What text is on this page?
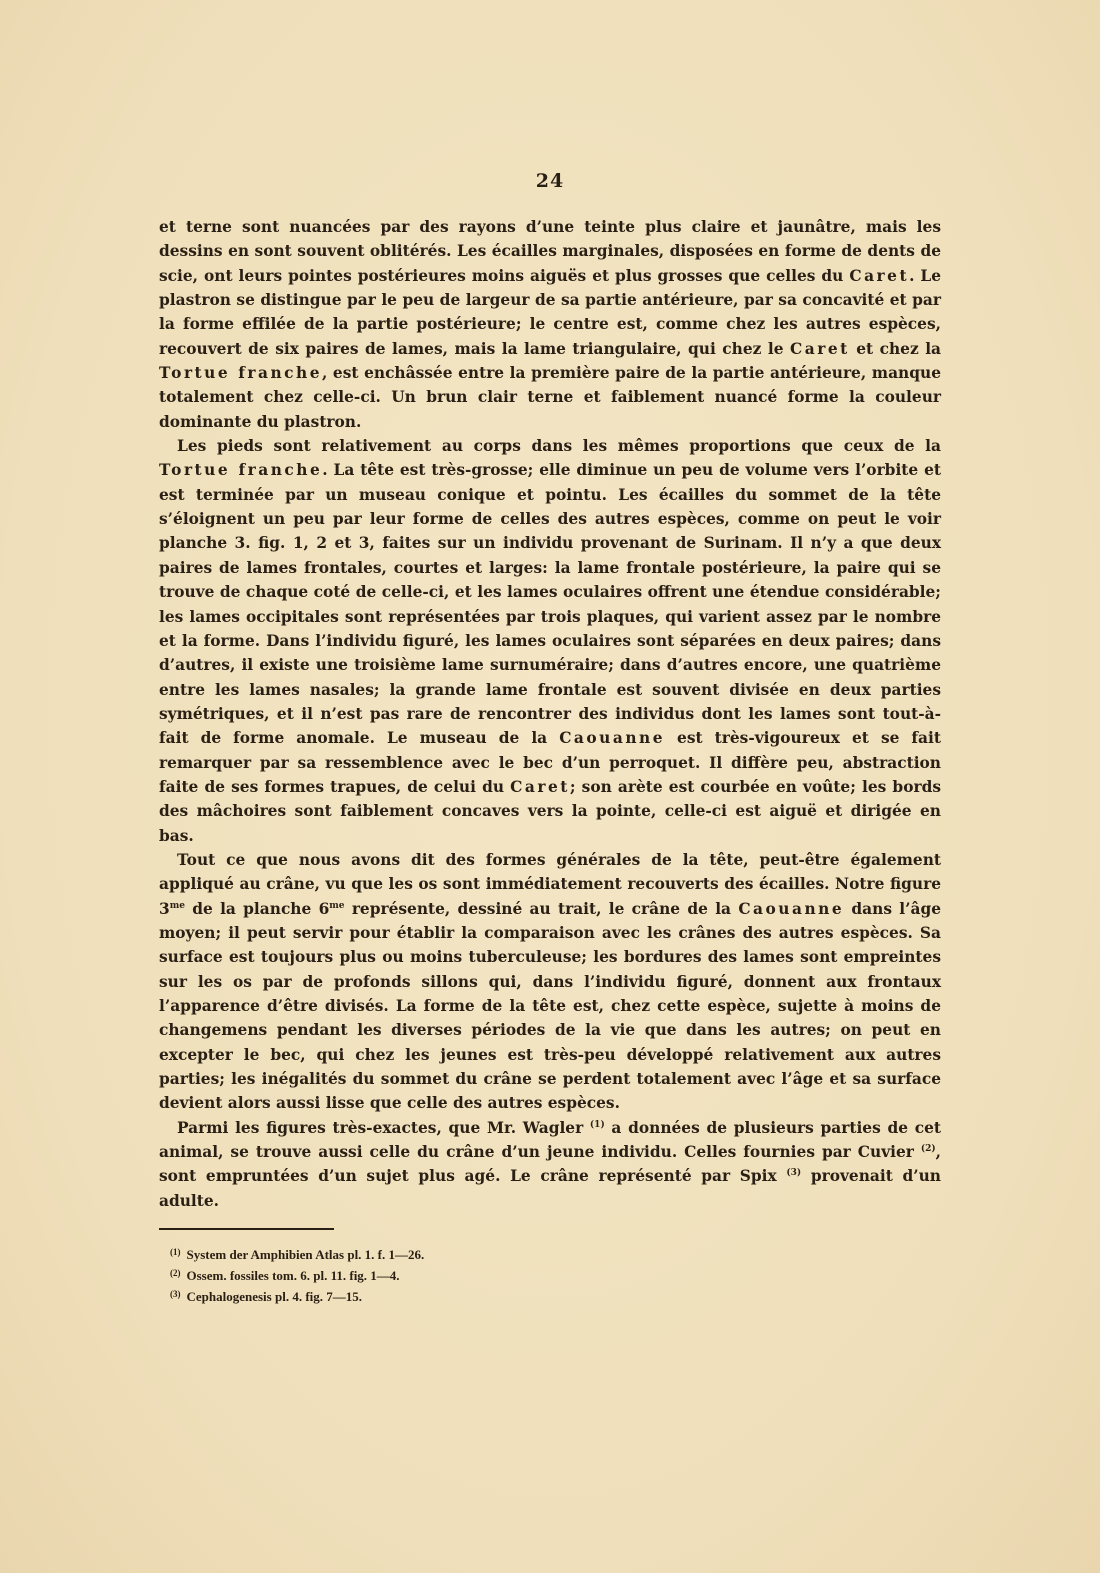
24

et terne sont nuancées par des rayons d’une teinte plus claire et jaunâtre, mais les dessins en sont souvent oblitérés. Les écailles marginales, disposées en forme de dents de scie, ont leurs pointes postérieures moins aiguës et plus grosses que celles du Caret. Le plastron se distingue par le peu de largeur de sa partie antérieure, par sa concavité et par la forme effilée de la partie postérieure; le centre est, comme chez les autres espèces, recouvert de six paires de lames, mais la lame triangulaire, qui chez le Caret et chez la Tortue franche, est enchâssée entre la première paire de la partie antérieure, manque totalement chez celle-ci. Un brun clair terne et faiblement nuancé forme la couleur dominante du plastron.

Les pieds sont relativement au corps dans les mêmes proportions que ceux de la Tortue franche. La tête est très-grosse; elle diminue un peu de volume vers l’orbite et est terminée par un museau conique et pointu. Les écailles du sommet de la tête s’éloignent un peu par leur forme de celles des autres espèces, comme on peut le voir planche 3. fig. 1, 2 et 3, faites sur un individu provenant de Surinam. Il n’y a que deux paires de lames frontales, courtes et larges: la lame frontale postérieure, la paire qui se trouve de chaque coté de celle-ci, et les lames oculaires offrent une étendue considérable; les lames occipitales sont représentées par trois plaques, qui varient assez par le nombre et la forme. Dans l’individu figuré, les lames oculaires sont séparées en deux paires; dans d’autres, il existe une troisième lame surnuméraire; dans d’autres encore, une quatrième entre les lames nasales; la grande lame frontale est souvent divisée en deux parties symétriques, et il n’est pas rare de rencontrer des individus dont les lames sont tout-à-fait de forme anomale. Le museau de la Caouanne est très-vigoureux et se fait remarquer par sa ressemblence avec le bec d’un perroquet. Il diffère peu, abstraction faite de ses formes trapues, de celui du Caret; son arète est courbée en voûte; les bords des mâchoires sont faiblement concaves vers la pointe, celle-ci est aiguë et dirigée en bas.

Tout ce que nous avons dit des formes générales de la tête, peut-être également appliqué au crâne, vu que les os sont immédiatement recouverts des écailles. Notre figure $3^{me}$ de la planche $6^{me}$ représente, dessiné au trait, le crâne de la Caouanne dans l’âge moyen; il peut servir pour établir la comparaison avec les crânes des autres espèces. Sa surface est toujours plus ou moins tuberculeuse; les bordures des lames sont empreintes sur les os par de profonds sillons qui, dans l’individu figuré, donnent aux frontaux l’apparence d’être divisés. La forme de la tête est, chez cette espèce, sujette à moins de changemens pendant les diverses périodes de la vie que dans les autres; on peut en excepter le bec, qui chez les jeunes est très-peu développé relativement aux autres parties; les inégalités du sommet du crâne se perdent totalement avec l’âge et sa surface devient alors aussi lisse que celle des autres espèces.

Parmi les figures très-exactes, que Mr. Wagler $^{(1)}$ a données de plusieurs parties de cet animal, se trouve aussi celle du crâne d’un jeune individu. Celles fournies par Cuvier $^{(2)}$, sont empruntées d’un sujet plus agé. Le crâne représenté par Spix $^{(3)}$ provenait d’un adulte.

(1) System der Amphibien Atlas pl. 1. f. 1—26.

(2) Ossem. fossiles tom. 6. pl. 11. fig. 1—4.

(3) Cephalogenesis pl. 4. fig. 7—15.
